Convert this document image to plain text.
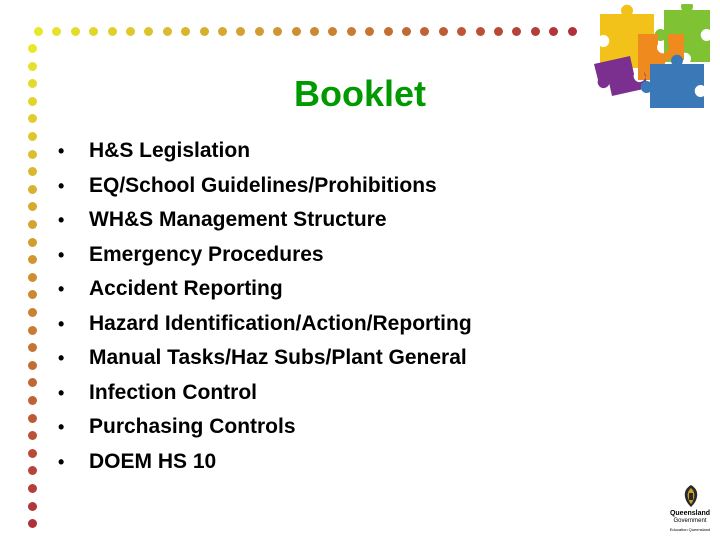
Booklet
• H&S Legislation
• EQ/School Guidelines/Prohibitions
• WH&S Management Structure
• Emergency Procedures
• Accident Reporting
• Hazard Identification/Action/Reporting
• Manual Tasks/Haz Subs/Plant General
• Infection Control
• Purchasing Controls
• DOEM HS 10
Queensland
Government
Education Queensland
